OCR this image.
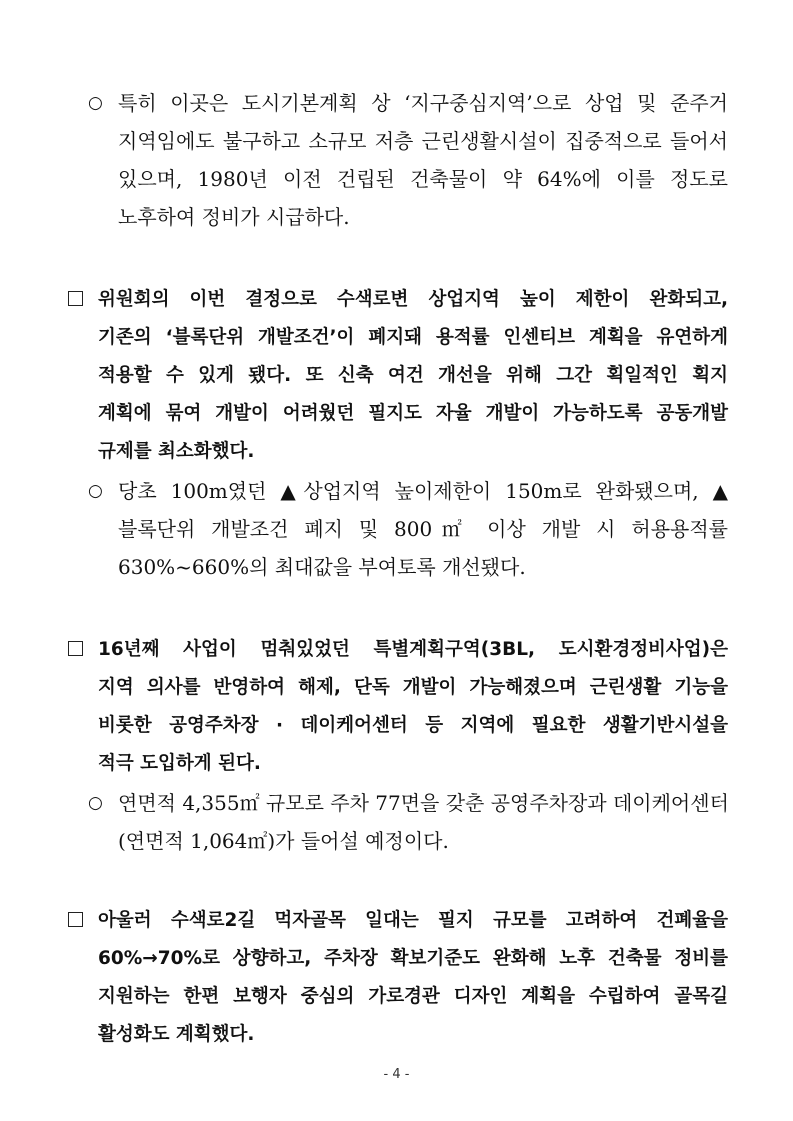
○ 특히 이곳은 도시기본계획 상 ‘지구중심지역’으로 상업 및 준주거
지역임에도 불구하고 소규모 저층 근린생활시설이 집중적으로 들어서
있으며, 1980년 이전 건립된 건축물이 약 64%에 이를 정도로
노후하여 정비가 시급하다.
위원회의 이번 결정으로 수색로변 상업지역 높이 제한이 완화되고,
기존의 ‘블록단위 개발조건’이 폐지돼 용적률 인센티브 계획을 유연하게
적용할 수 있게 됐다. 또 신축 여건 개선을 위해 그간 획일적인 획지
계획에 묶여 개발이 어려웠던 필지도 자율 개발이 가능하도록 공동개발
규제를 최소화했다.
○ 당초 100m였던 ▲상업지역 높이제한이 150m로 완화됐으며, ▲
블록단위 개발조건 폐지 및 800㎡ 이상 개발 시 허용용적률
630%~660%의 최대값을 부여토록 개선됐다.
16년째 사업이 멈춰있었던 특별계획구역(3BL, 도시환경정비사업)은
지역 의사를 반영하여 해제, 단독 개발이 가능해졌으며 근린생활 기능을
비롯한 공영주차장 · 데이케어센터 등 지역에 필요한 생활기반시설을
적극 도입하게 된다.
○ 연면적 4,355㎡ 규모로 주차 77면을 갖춘 공영주차장과 데이케어센터
(연면적 1,064㎡)가 들어설 예정이다.
아울러 수색로2길 먹자골목 일대는 필지 규모를 고려하여 건폐율을
60%→70%로 상향하고, 주차장 확보기준도 완화해 노후 건축물 정비를
지원하는 한편 보행자 중심의 가로경관 디자인 계획을 수립하여 골목길
활성화도 계획했다.
- 4 -
